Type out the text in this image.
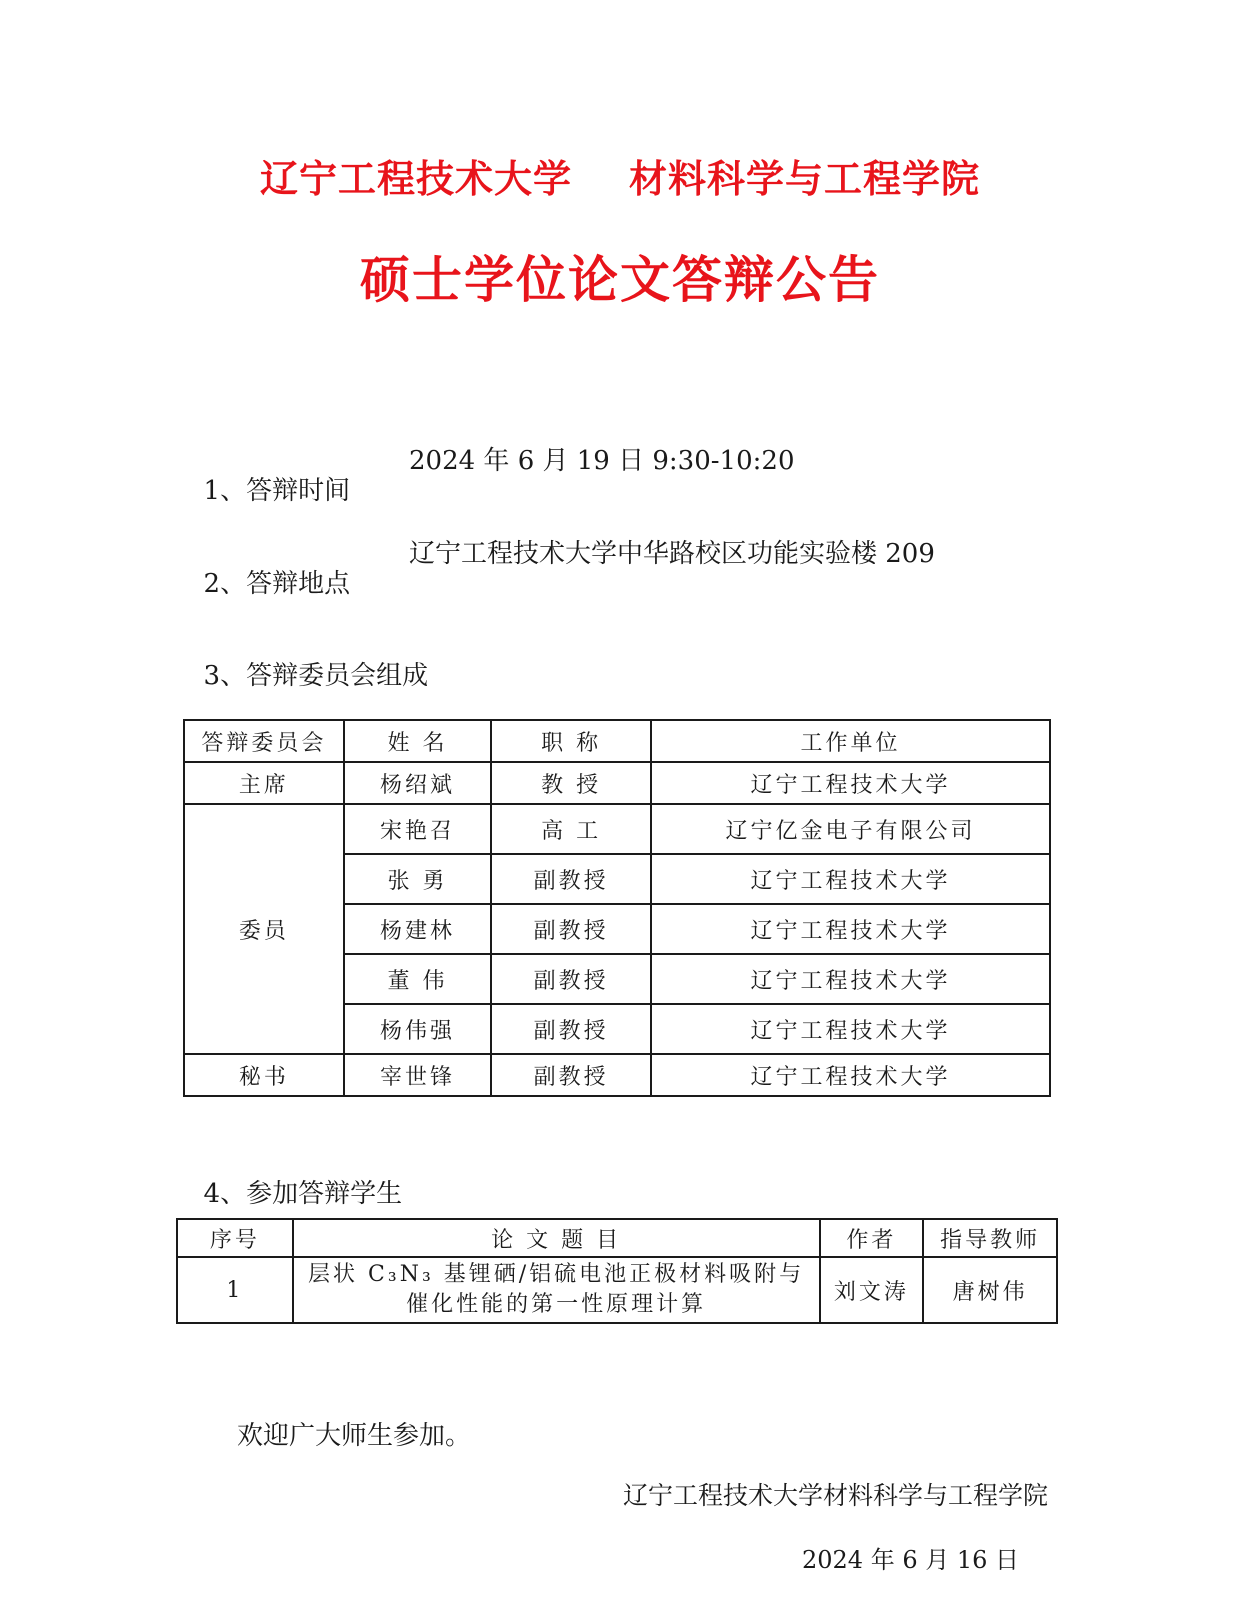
辽宁工程技术大学    材料科学与工程学院
硕士学位论文答辩公告

1、答辩时间

2024 年 6 月 19 日 9:30-10:20

2、答辩地点

辽宁工程技术大学中华路校区功能实验楼 209

3、答辩委员会组成

答辩委员会	姓 名	职 称	工作单位
主席	杨绍斌	教 授	辽宁工程技术大学
委员	宋艳召	高 工	辽宁亿金电子有限公司
	张 勇	副教授	辽宁工程技术大学
	杨建林	副教授	辽宁工程技术大学
	董 伟	副教授	辽宁工程技术大学
	杨伟强	副教授	辽宁工程技术大学
秘书	宰世锋	副教授	辽宁工程技术大学

4、参加答辩学生

序号	论 文 题 目	作者	指导教师
1	层状 C₃N₃ 基锂硒/铝硫电池正极材料吸附与催化性能的第一性原理计算	刘文涛	唐树伟
欢迎广大师生参加。
辽宁工程技术大学材料科学与工程学院
2024 年 6 月 16 日
